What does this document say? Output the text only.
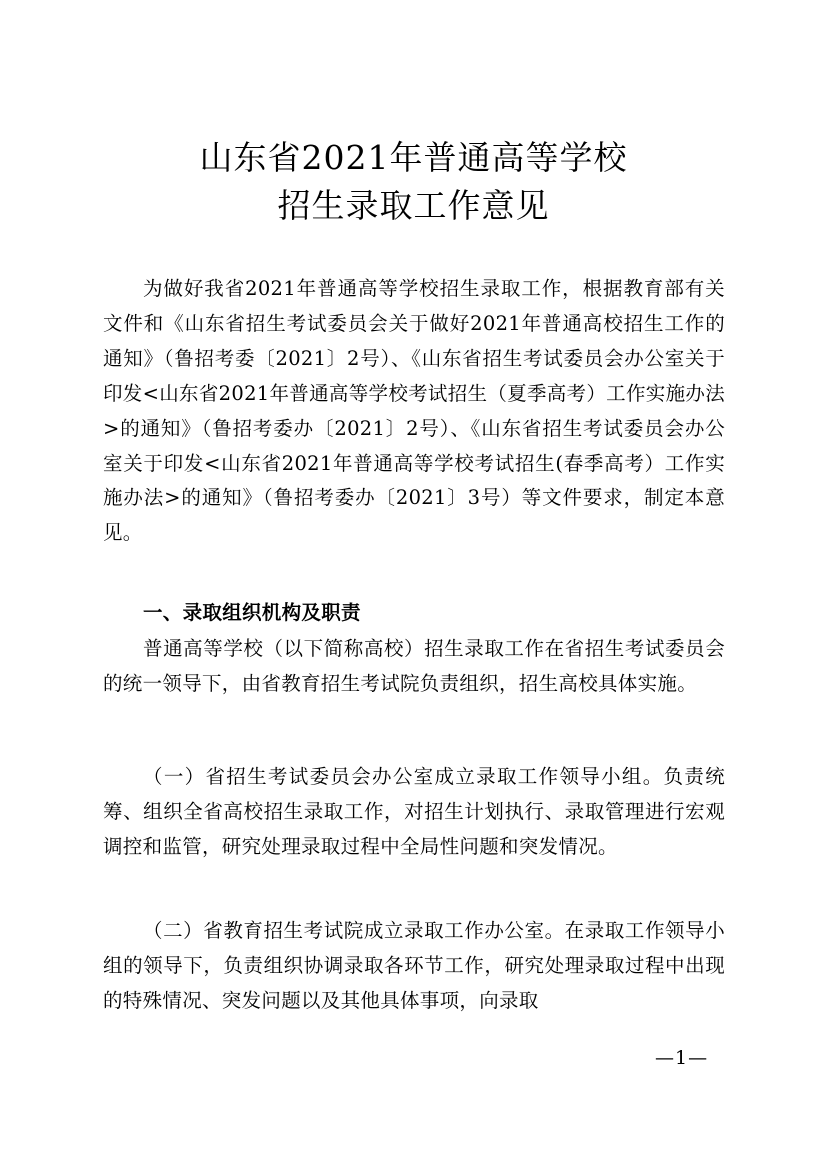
山东省2021年普通高等学校
招生录取工作意见

为做好我省2021年普通高等学校招生录取工作，根据教育部有关文件和《山东省招生考试委员会关于做好2021年普通高校招生工作的通知》（鲁招考委〔2021〕2号）、《山东省招生考试委员会办公室关于印发<山东省2021年普通高等学校考试招生（夏季高考）工作实施办法>的通知》（鲁招考委办〔2021〕2号）、《山东省招生考试委员会办公室关于印发<山东省2021年普通高等学校考试招生(春季高考）工作实施办法>的通知》（鲁招考委办〔2021〕3号）等文件要求，制定本意见。

一、录取组织机构及职责

普通高等学校（以下简称高校）招生录取工作在省招生考试委员会的统一领导下，由省教育招生考试院负责组织，招生高校具体实施。

（一）省招生考试委员会办公室成立录取工作领导小组。负责统筹、组织全省高校招生录取工作，对招生计划执行、录取管理进行宏观调控和监管，研究处理录取过程中全局性问题和突发情况。

（二）省教育招生考试院成立录取工作办公室。在录取工作领导小组的领导下，负责组织协调录取各环节工作，研究处理录取过程中出现的特殊情况、突发问题以及其他具体事项，向录取

—1—
